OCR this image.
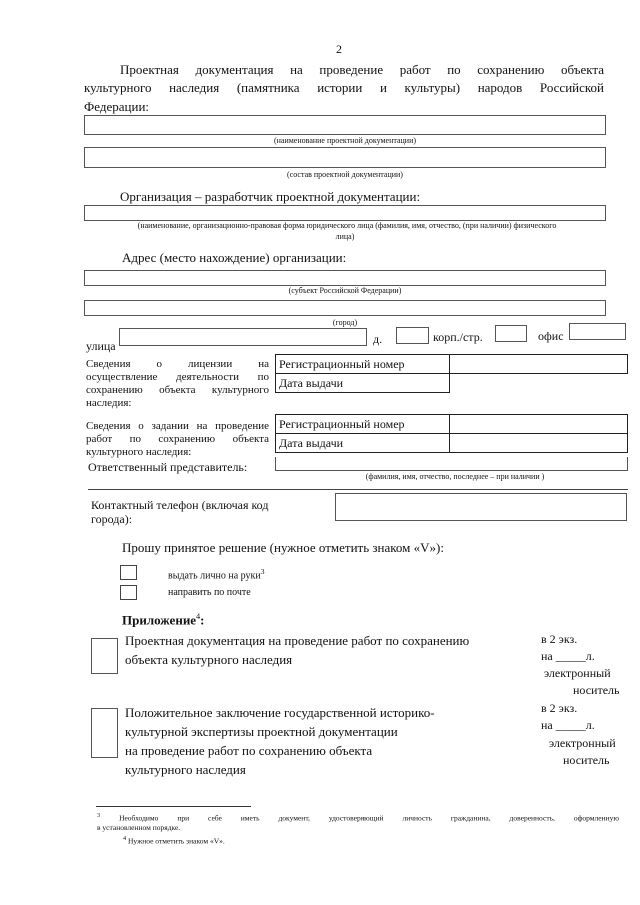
2
Проектная документация на проведение работ по сохранению объекта
культурного наследия (памятника истории и культуры) народов Российской
Федерации:
(наименование проектной документации)
(состав проектной документации)
Организация – разработчик проектной документации:
(наименование, организационно-правовая форма юридического лица (фамилия, имя, отчество, (при наличии) физического
лица)
Адрес (место нахождение) организации:
(субъект Российской Федерации)
(город)
улица	д.	корп./стр.	офис
Сведения о лицензии на
осуществление деятельности по
сохранению объекта культурного
наследия:
Регистрационный номер	
Дата выдачи	
Сведения о задании на проведение
работ по сохранению объекта
культурного наследия:
Регистрационный номер	
Дата выдачи	
Ответственный представитель:
(фамилия, имя, отчество, последнее – при наличии )
Контактный телефон (включая код
города):
Прошу принятое решение (нужное отметить знаком «V»):
выдать лично на руки$^3$
направить по почте
Приложение$^4$:
Проектная документация на проведение работ по сохранению
объекта культурного наследия
в 2 экз.
на _____л.
электронный
носитель
Положительное заключение государственной историко-
культурной экспертизы проектной документации
на проведение работ по сохранению объекта
культурного наследия
в 2 экз.
на _____л.
электронный
носитель
$^3$	Необходимо при себе иметь документ, удостоверяющий личность гражданина, доверенность, оформленную
в установленном порядке.
$^4$ Нужное отметить знаком «V».
